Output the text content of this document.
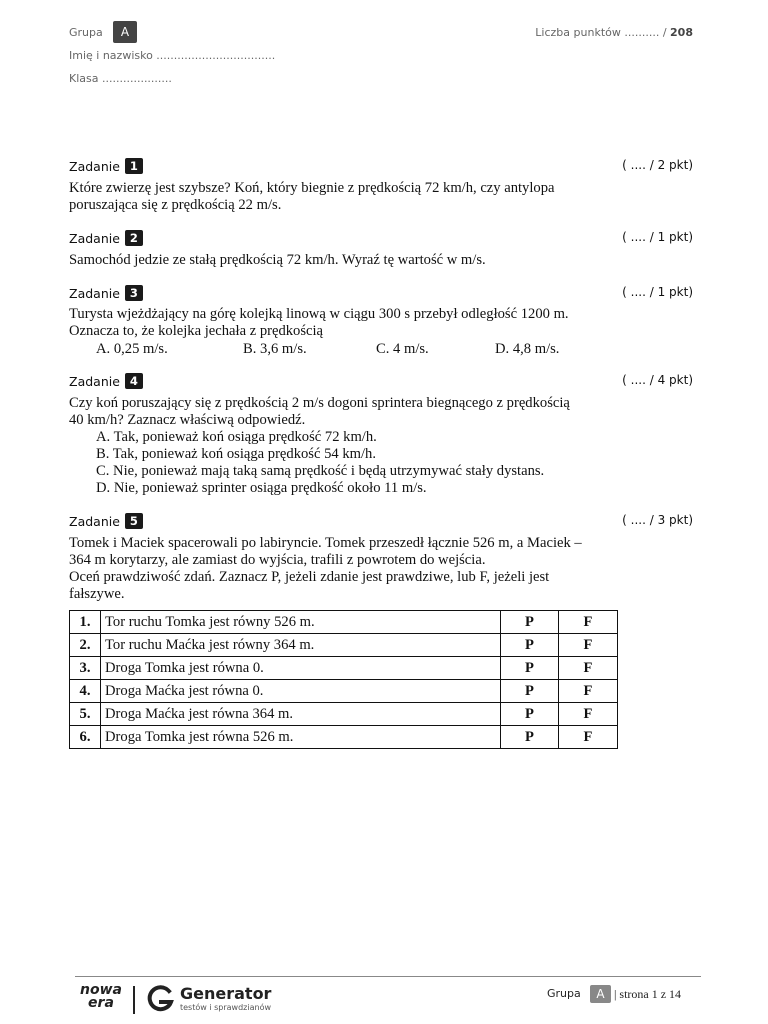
Grupa	A
Imię i nazwisko ..................................
Klasa ....................
Liczba punktów .......... / 208
Zadanie 1	( .... / 2 pkt)
Które zwierzę jest szybsze? Koń, który biegnie z prędkością 72 km/h, czy antylopa
poruszająca się z prędkością 22 m/s.
Zadanie 2	( .... / 1 pkt)
Samochód jedzie ze stałą prędkością 72 km/h. Wyraź tę wartość w m/s.
Zadanie 3	( .... / 1 pkt)
Turysta wjeżdżający na górę kolejką linową w ciągu 300 s przebył odległość 1200 m.
Oznacza to, że kolejka jechała z prędkością
A. 0,25 m/s.	B. 3,6 m/s.	C. 4 m/s.	D. 4,8 m/s.
Zadanie 4	( .... / 4 pkt)
Czy koń poruszający się z prędkością 2 m/s dogoni sprintera biegnącego z prędkością
40 km/h? Zaznacz właściwą odpowiedź.
A. Tak, ponieważ koń osiąga prędkość 72 km/h.
B. Tak, ponieważ koń osiąga prędkość 54 km/h.
C. Nie, ponieważ mają taką samą prędkość i będą utrzymywać stały dystans.
D. Nie, ponieważ sprinter osiąga prędkość około 11 m/s.
Zadanie 5	( .... / 3 pkt)
Tomek i Maciek spacerowali po labiryncie. Tomek przeszedł łącznie 526 m, a Maciek –
364 m korytarzy, ale zamiast do wyjścia, trafili z powrotem do wejścia.
Oceń prawdziwość zdań. Zaznacz P, jeżeli zdanie jest prawdziwe, lub F, jeżeli jest
fałszywe.
1.	Tor ruchu Tomka jest równy 526 m.	P	F
2.	Tor ruchu Maćka jest równy 364 m.	P	F
3.	Droga Tomka jest równa 0.	P	F
4.	Droga Maćka jest równa 0.	P	F
5.	Droga Maćka jest równa 364 m.	P	F
6.	Droga Tomka jest równa 526 m.	P	F
nowa
era	Generator
testów i sprawdzianów
Grupa	A | strona 1 z 14
